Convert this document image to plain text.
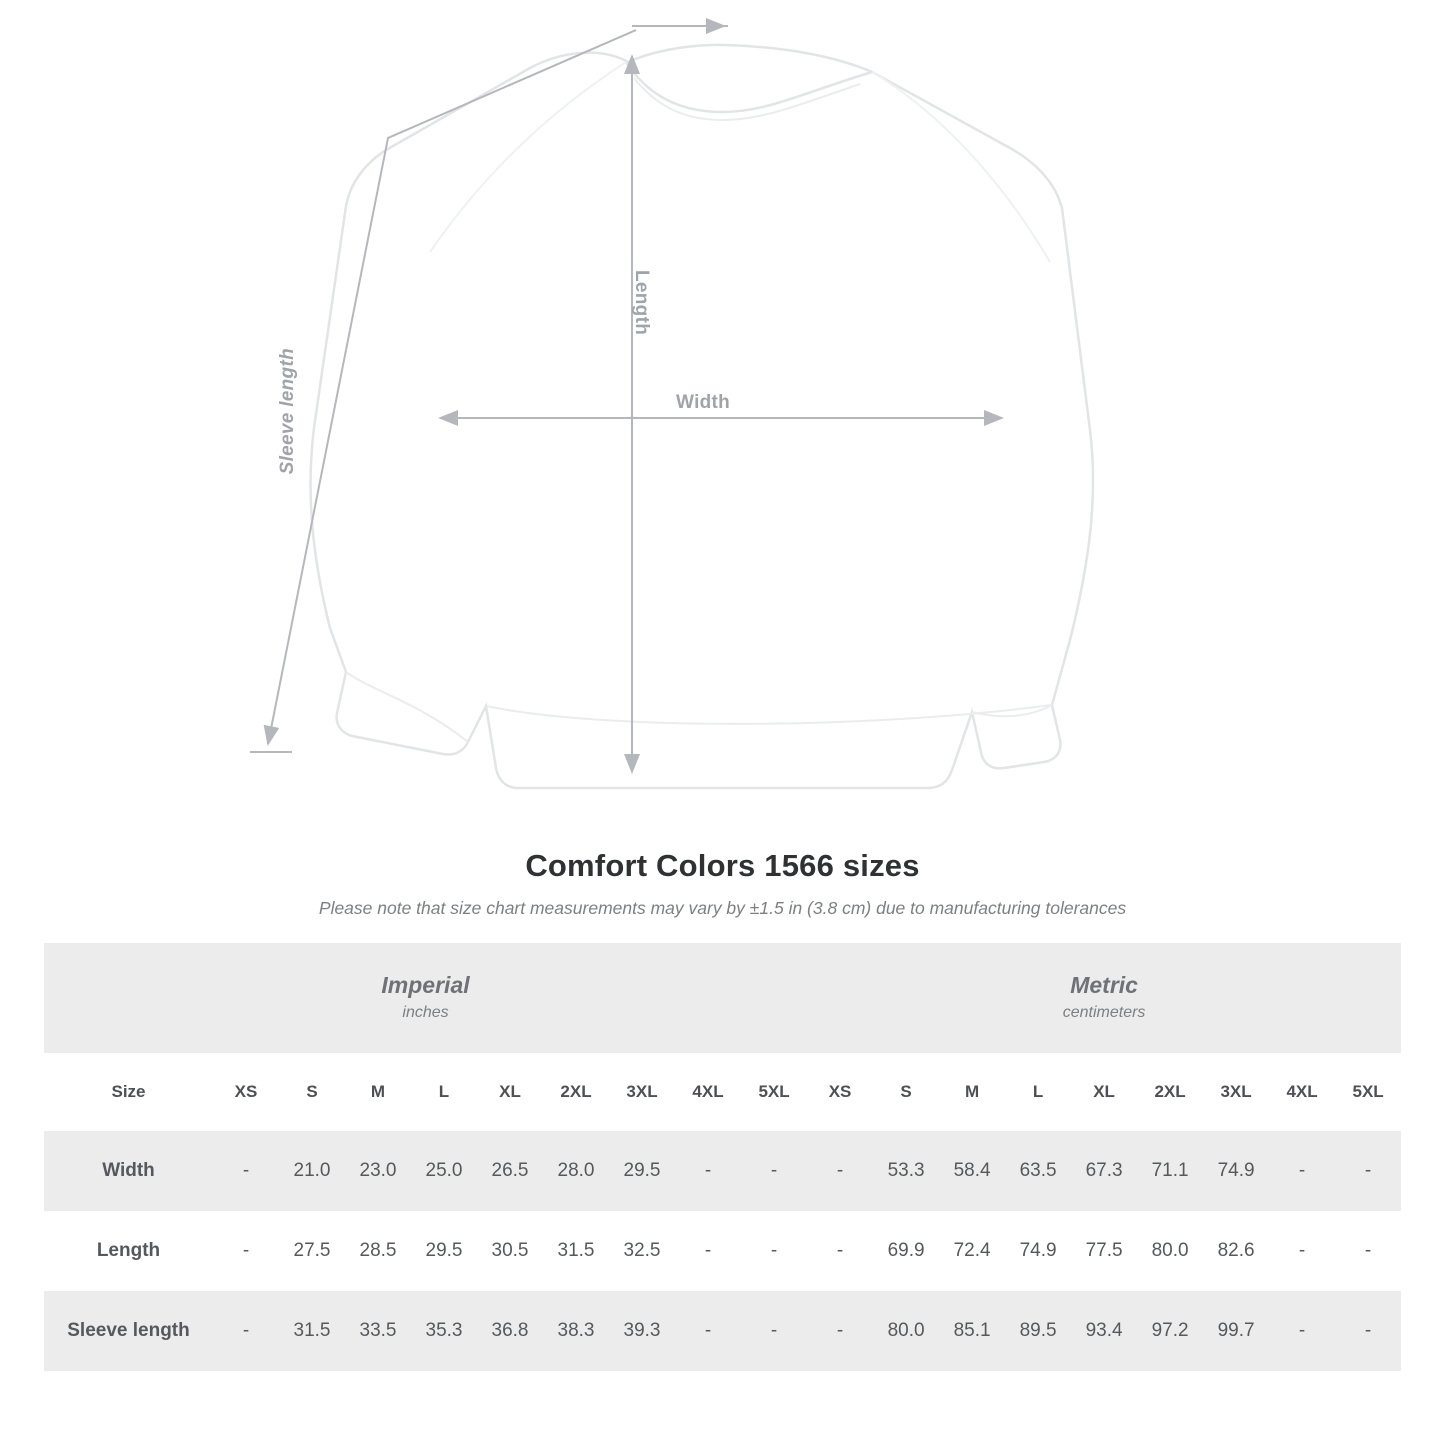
Width
Length
Sleeve length
Comfort Colors 1566 sizes
Please note that size chart measurements may vary by ±1.5 in (3.8 cm) due to manufacturing tolerances
Imperial
inches

Metric
centimeters

Size	XS	S	M	L	XL	2XL	3XL	4XL	5XL	XS	S	M	L	XL	2XL	3XL	4XL	5XL
Width	-	21.0	23.0	25.0	26.5	28.0	29.5	-	-	-	53.3	58.4	63.5	67.3	71.1	74.9	-	-
Length	-	27.5	28.5	29.5	30.5	31.5	32.5	-	-	-	69.9	72.4	74.9	77.5	80.0	82.6	-	-
Sleeve length	-	31.5	33.5	35.3	36.8	38.3	39.3	-	-	-	80.0	85.1	89.5	93.4	97.2	99.7	-	-
